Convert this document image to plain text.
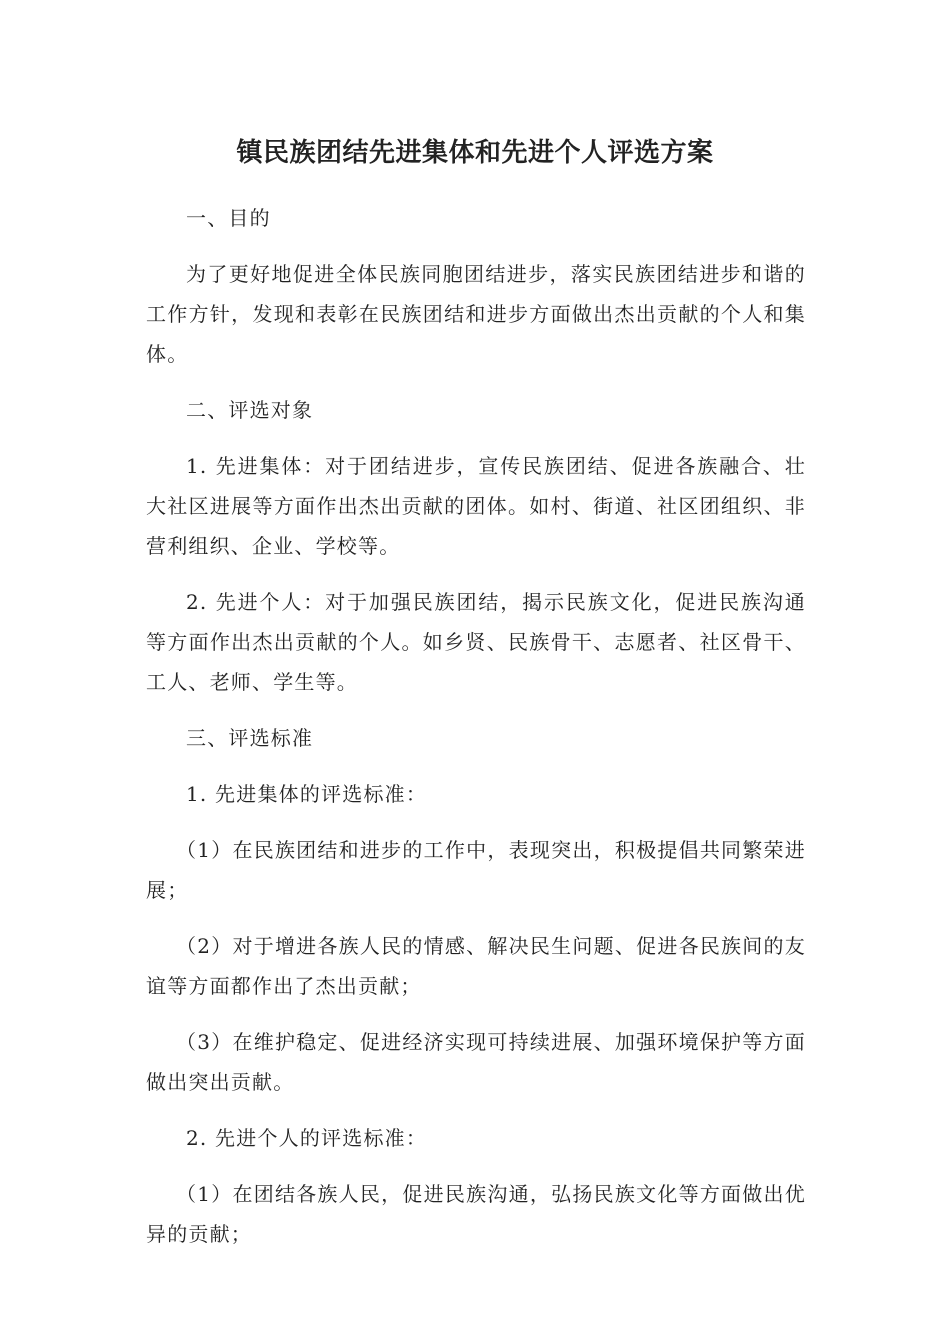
镇民族团结先进集体和先进个人评选方案

一、目的

为了更好地促进全体民族同胞团结进步，落实民族团结进步和谐的工作方针，发现和表彰在民族团结和进步方面做出杰出贡献的个人和集体。

二、评选对象

1. 先进集体：对于团结进步，宣传民族团结、促进各族融合、壮大社区进展等方面作出杰出贡献的团体。如村、街道、社区团组织、非营利组织、企业、学校等。

2. 先进个人：对于加强民族团结，揭示民族文化，促进民族沟通等方面作出杰出贡献的个人。如乡贤、民族骨干、志愿者、社区骨干、工人、老师、学生等。

三、评选标准

1. 先进集体的评选标准：

（1）在民族团结和进步的工作中，表现突出，积极提倡共同繁荣进展；

（2）对于增进各族人民的情感、解决民生问题、促进各民族间的友谊等方面都作出了杰出贡献；

（3）在维护稳定、促进经济实现可持续进展、加强环境保护等方面做出突出贡献。

2. 先进个人的评选标准：

（1）在团结各族人民，促进民族沟通，弘扬民族文化等方面做出优异的贡献；
